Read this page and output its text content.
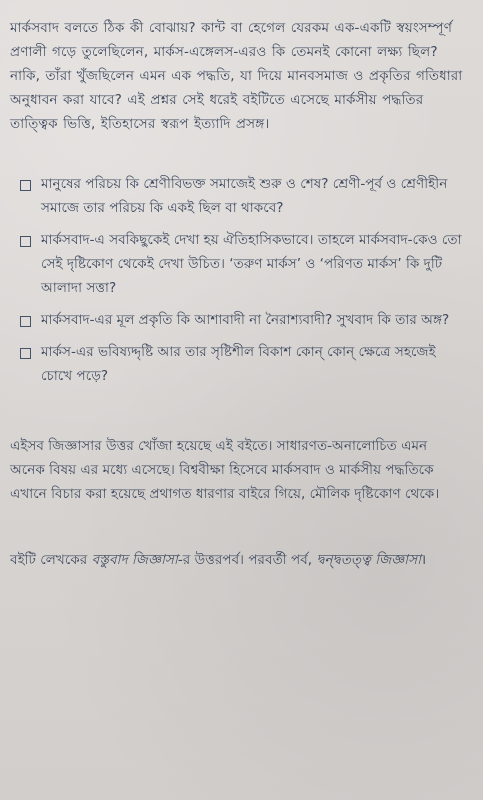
মার্কসবাদ বলতে ঠিক কী বোঝায়? কান্ট বা হেগেল যেরকম এক-একটি স্বয়ংসম্পূর্ণ প্রণালী গড়ে তুলেছিলেন, মার্কস-এঙ্গেলস-এরও কি তেমনই কোনো লক্ষ্য ছিল? নাকি, তাঁরা খুঁজছিলেন এমন এক পদ্ধতি, যা দিয়ে মানবসমাজ ও প্রকৃতির গতিধারা অনুধাবন করা যাবে? এই প্রশ্নর সেই ধরেই বইটিতে এসেছে মার্কসীয় পদ্ধতির তাত্ত্বিক ভিত্তি, ইতিহাসের স্বরূপ ইত্যাদি প্রসঙ্গ।

মানুষের পরিচয় কি শ্রেণীবিভক্ত সমাজেই শুরু ও শেষ? শ্রেণী-পূর্ব ও শ্রেণীহীন সমাজে তার পরিচয় কি একই ছিল বা থাকবে?
মার্কসবাদ-এ সবকিছুকেই দেখা হয় ঐতিহাসিকভাবে। তাহলে মার্কসবাদ-কেও তো সেই দৃষ্টিকোণ থেকেই দেখা উচিত। ‘তরুণ মার্কস’ ও ‘পরিণত মার্কস’ কি দুটি আলাদা সত্তা?
মার্কসবাদ-এর মূল প্রকৃতি কি আশাবাদী না নৈরাশ্যবাদী? সুখবাদ কি তার অঙ্গ?
মার্কস-এর ভবিষ্যদ্দৃষ্টি আর তার সৃষ্টিশীল বিকাশ কোন্ কোন্ ক্ষেত্রে সহজেই চোখে পড়ে?

এইসব জিজ্ঞাসার উত্তর খোঁজা হয়েছে এই বইতে। সাধারণত-অনালোচিত এমন অনেক বিষয় এর মধ্যে এসেছে। বিশ্ববীক্ষা হিসেবে মার্কসবাদ ও মার্কসীয় পদ্ধতিকে এখানে বিচার করা হয়েছে প্রথাগত ধারণার বাইরে গিয়ে, মৌলিক দৃষ্টিকোণ থেকে।

বইটি লেখকের বস্তুবাদ জিজ্ঞাসা-র উত্তরপর্ব। পরবর্তী পর্ব, দ্বন্দ্বতত্ত্ব জিজ্ঞাসা।
